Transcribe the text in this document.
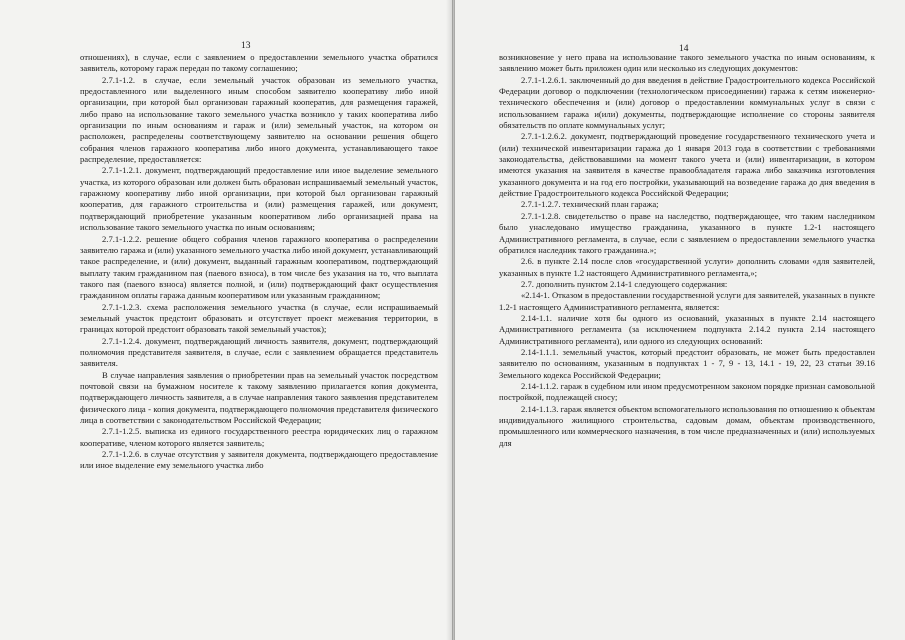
13

отношениях), в случае, если с заявлением о предоставлении земельного участка обратился заявитель, которому гараж передан по такому соглашению;

2.7.1-1.2. в случае, если земельный участок образован из земельного участка, предоставленного или выделенного иным способом заявителю кооперативу либо иной организации, при которой был организован гаражный кооператив, для размещения гаражей, либо право на использование такого земельного участка возникло у таких кооператива либо организации по иным основаниям и гараж и (или) земельный участок, на котором он расположен, распределены соответствующему заявителю на основании решения общего собрания членов гаражного кооператива либо иного документа, устанавливающего такое распределение, предоставляется:

2.7.1-1.2.1. документ, подтверждающий предоставление или иное выделение земельного участка, из которого образован или должен быть образован испрашиваемый земельный участок, гаражному кооперативу либо иной организации, при которой был организован гаражный кооператив, для гаражного строительства и (или) размещения гаражей, или документ, подтверждающий приобретение указанным кооперативом либо организацией права на использование такого земельного участка по иным основаниям;

2.7.1-1.2.2. решение общего собрания членов гаражного кооператива о распределении заявителю гаража и (или) указанного земельного участка либо иной документ, устанавливающий такое распределение, и (или) документ, выданный гаражным кооперативом, подтверждающий выплату таким гражданином пая (паевого взноса), в том числе без указания на то, что выплата такого пая (паевого взноса) является полной, и (или) подтверждающий факт осуществления гражданином оплаты гаража данным кооперативом или указанным гражданином;

2.7.1-1.2.3. схема расположения земельного участка (в случае, если испрашиваемый земельный участок предстоит образовать и отсутствует проект межевания территории, в границах которой предстоит образовать такой земельный участок);

2.7.1-1.2.4. документ, подтверждающий личность заявителя, документ, подтверждающий полномочия представителя заявителя, в случае, если с заявлением обращается представитель заявителя.

В случае направления заявления о приобретении прав на земельный участок посредством почтовой связи на бумажном носителе к такому заявлению прилагается копия документа, подтверждающего личность заявителя, а в случае направления такого заявления представителем физического лица - копия документа, подтверждающего полномочия представителя физического лица в соответствии с законодательством Российской Федерации;

2.7.1-1.2.5. выписка из единого государственного реестра юридических лиц о гаражном кооперативе, членом которого является заявитель;

2.7.1-1.2.6. в случае отсутствия у заявителя документа, подтверждающего предоставление или иное выделение ему земельного участка либо

14

возникновение у него права на использование такого земельного участка по иным основаниям, к заявлению может быть приложен один или несколько из следующих документов:

2.7.1-1.2.6.1. заключенный до дня введения в действие Градостроительного кодекса Российской Федерации договор о подключении (технологическом присоединении) гаража к сетям инженерно-технического обеспечения и (или) договор о предоставлении коммунальных услуг в связи с использованием гаража и(или) документы, подтверждающие исполнение со стороны заявителя обязательств по оплате коммунальных услуг;

2.7.1-1.2.6.2. документ, подтверждающий проведение государственного технического учета и (или) технической инвентаризации гаража до 1 января 2013 года в соответствии с требованиями законодательства, действовавшими на момент такого учета и (или) инвентаризации, в котором имеются указания на заявителя в качестве правообладателя гаража либо заказчика изготовления указанного документа и на год его постройки, указывающий на возведение гаража до дня введения в действие Градостроительного кодекса Российской Федерации;

2.7.1-1.2.7. технический план гаража;

2.7.1-1.2.8. свидетельство о праве на наследство, подтверждающее, что таким наследником было унаследовано имущество гражданина, указанного в пункте 1.2-1 настоящего Административного регламента, в случае, если с заявлением о предоставлении земельного участка обратился наследник такого гражданина.»;

2.6. в пункте 2.14 после слов «государственной услуги» дополнить словами «для заявителей, указанных в пункте 1.2 настоящего Административного регламента,»;

2.7. дополнить пунктом 2.14-1 следующего содержания:

«2.14-1. Отказом в предоставлении государственной услуги для заявителей, указанных в пункте 1.2-1 настоящего Административного регламента, является:

2.14-1.1. наличие хотя бы одного из оснований, указанных в пункте 2.14 настоящего Административного регламента (за исключением подпункта 2.14.2 пункта 2.14 настоящего Административного регламента), или одного из следующих оснований:

2.14-1.1.1. земельный участок, который предстоит образовать, не может быть предоставлен заявителю по основаниям, указанным в подпунктах 1 - 7, 9 - 13, 14.1 - 19, 22, 23 статьи 39.16 Земельного кодекса Российской Федерации;

2.14-1.1.2. гараж в судебном или ином предусмотренном законом порядке признан самовольной постройкой, подлежащей сносу;

2.14-1.1.3. гараж является объектом вспомогательного использования по отношению к объектам индивидуального жилищного строительства, садовым домам, объектам производственного, промышленного или коммерческого назначения, в том числе предназначенных и (или) используемых для
